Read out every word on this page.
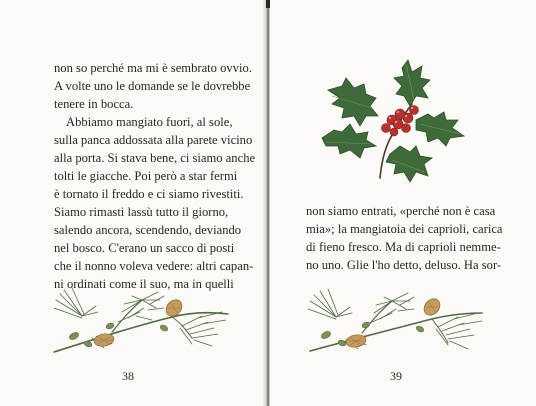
non so perché ma mi è sembrato ovvio.
A volte uno le domande se le dovrebbe
tenere in bocca.
Abbiamo mangiato fuori, al sole,
sulla panca addossata alla parete vicino
alla porta. Si stava bene, ci siamo anche
tolti le giacche. Poi però a star fermi
è tornato il freddo e ci siamo rivestiti.
Siamo rimasti lassù tutto il giorno,
salendo ancora, scendendo, deviando
nel bosco. C'erano un sacco di posti
che il nonno voleva vedere: altri capan-
ni ordinati come il suo, ma in quelli
38
non siamo entrati, «perché non è casa
mia»; la mangiatoia dei caprioli, carica
di fieno fresco. Ma di caprioli nemme-
no uno. Glie l'ho detto, deluso. Ha sor-
39
